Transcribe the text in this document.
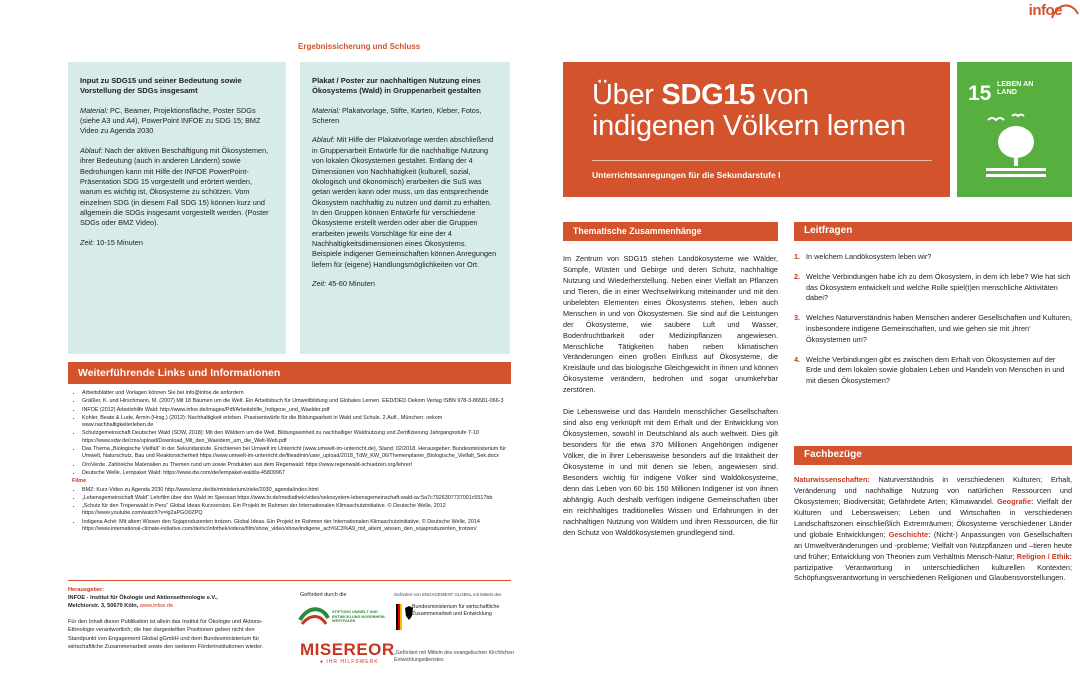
infoe
Ergebnissicherung und Schluss
Input zu SDG15 und seiner Bedeutung sowie Vorstellung der SDGs insgesamt

Material: PC, Beamer, Projektionsfläche, Poster SDGs (siehe A3 und A4), PowerPoint INFOE zu SDG 15; BMZ Video zu Agenda 2030

Ablauf: Nach der aktiven Beschäftigung mit Ökosystemen, ihrer Bedeutung (auch in anderen Ländern) sowie Bedrohungen kann mit Hilfe der INFOE PowerPoint-Präsentation SDG 15 vorgestellt und erörtert werden, warum es wichtig ist, Ökosysteme zu schützen. Vom einzelnen SDG (in diesem Fall SDG 15) können kurz und allgemein die SDGs insgesamt vorgestellt werden. (Poster SDGs oder BMZ Video).

Zeit: 10-15 Minuten

Plakat / Poster zur nachhaltigen Nutzung eines Ökosystems (Wald) in Gruppenarbeit gestalten

Material: Plakatvorlage, Stifte, Karten, Kleber, Fotos, Scheren

Ablauf: Mit Hilfe der Plakatvorlage werden abschließend in Gruppenarbeit Entwürfe für die nachhaltige Nutzung von lokalen Ökosystemen gestaltet. Entlang der 4 Dimensionen von Nachhaltigkeit (kulturell, sozial, ökologisch und ökonomisch) erarbeiten die SuS was getan werden kann oder muss, um das entsprechende Ökosystem nachhaltig zu nutzen und damit zu erhalten. In den Gruppen können Entwürfe für verschiedene Ökosysteme erstellt werden oder aber die Gruppen erarbeiten jeweils Vorschläge für eine der 4 Nachhaltigkeitsdimensionen eines Ökosystems. Beispiele indigener Gemeinschaften können Anregungen liefern für (eigene) Handlungsmöglichkeiten vor Ort.

Zeit: 45-60 Minuten

Weiterführende Links und Informationen
• Arbeitsblätter und Vorlagen können Sie bei info@infoe.de anfordern
• Gräßler, K. und Hirschmann, M. (2007) Mit 18 Bäumen um die Welt. Ein Arbeitsbuch für Umweltbildung und Globales Lernen. EED/DED Oekom Verlag ISBN 978-3-86581-066-3
• INFOE (2012) Arbeitshilfe Wald: http://www.infoe.de/images/Pdf/Arbeitshilfe_Indigene_und_Waelder.pdf
• Kohler, Beate & Lude, Armin (Hrsg.) (2012): Nachhaltigkeit erleben. Praxisentwürfe für die Bildungsarbeit in Wald und Schule. 2.Aufl., München: oekom www.nachhaltigkeiterleben.de
• Schutzgemeinschaft Deutscher Wald (SDW, 2018): Mit den Wäldern um die Welt. Bildungseinheit zu nachhaltiger Waldnutzung und Zertifizierung Jahrgangsstufe 7-10 https://www.sdw.de/cms/upload/Download_Mit_den_Waeldern_um_die_Welt-Web.pdf
• Das Thema „Biologische Vielfalt“ in der Sekundarstufe. Erschienen bei Umwelt im Unterricht (www.umwelt-im-unterricht.de), Stand: 02/2018. Herausgeber: Bundesministerium für Umwelt, Naturschutz, Bau und Reaktorsicherheit https://www.umwelt-im-unterricht.de/fileadmin/user_upload/2018_TdW_KW_06/Themenplaner_Biologische_Vielfalt_Sek.docx
• OroVerde. Zahlreiche Materialien zu Themen rund um sowie Produkten aus dem Regenwald: https://www.regenwald-schuetzen.org/lehrer/
• Deutsche Welle, Lernpaket Wald: https://www.dw.com/de/lernpaket-wald/a-45809967
Filme
• BMZ: Kurz-Video zu Agenda 2030 http://www.bmz.de/de/ministerium/ziele/2030_agenda/index.html
• „Lebensgemeinschaft Wald“ Lehrfilm über den Wald im Spessart https://www.br.de/mediathek/video/oekosystem-lebensgemeinschaft-wald-av:5a7c7926307737001c5517bb
• „Schutz für den Tropenwald in Peru“ Global Ideas Kurzversion. Ein Projekt im Rahmen der Internationalen Klimaschutzinitiative. © Deutsche Welle, 2012 https://www.youtube.com/watch?v=lg2aPGO0ZPQ
• Indigena Aché: Mit altem Wissen den Sojaproduzenten trotzen. Global Ideas. Ein Projekt im Rahmen der Internationalen Klimaschutzinitiative. © Deutsche Welle, 2014 https://www.international-climate-initiative.com/de/nc/infothek/videos/film/show_video/show/indigene_ach%C3%A9_mit_altem_wissen_den_sojaproduzenten_trotzen/
Herausgeber:
INFOE - Institut für Ökologie und Aktionsethnologie e.V.,
Melchiorstr. 3, 50670 Köln, www.infoe.de
Für den Inhalt dieser Publikation ist allein das Institut für Ökologie und Aktions-Ethnologie verantwortlich; die hier dargestellten Positionen geben nicht den Standpunkt von Engagement Global gGmbH und dem Bundesministerium für wirtschaftliche Zusammenarbeit sowie den weiteren Förderinstitutionen wieder.
Gefördert durch die
STIFTUNG UMWELT UND ENTWICKLUNG NORDRHEIN-WESTFALEN
MISEREOR
● IHR HILFSWERK
Gefördert von ENGAGEMENT GLOBAL mit Mitteln des
Bundesministerium für wirtschaftliche Zusammenarbeit und Entwicklung
„Gefördert mit Mitteln des evangelischen Kirchlichen Entwicklungsdienstes
Über SDG15 von
indigenen Völkern lernen
Unterrichtsanregungen für die Sekundarstufe I
15 LEBEN AN LAND
Thematische Zusammenhänge

Im Zentrum von SDG15 stehen Landökosysteme wie Wälder, Sümpfe, Wüsten und Gebirge und deren Schutz, nachhaltige Nutzung und Wiederherstellung. Neben einer Vielfalt an Pflanzen und Tieren, die in einer Wechselwirkung miteinander und mit den unbelebten Elementen eines Ökosystems stehen, leben auch Menschen in und von Ökosystemen. Sie sind auf die Leistungen der Ökosysteme, wie saubere Luft und Wasser, Bodenfruchtbarkeit oder Medizinpflanzen angewiesen. Menschliche Tätigkeiten haben neben klimatischen Veränderungen einen großen Einfluss auf Ökosysteme, die Kreisläufe und das biologische Gleichgewicht in ihnen und können Ökosysteme verändern, bedrohen und sogar unumkehrbar zerstören.

Die Lebensweise und das Handeln menschlicher Gesellschaften sind also eng verknüpft mit dem Erhalt und der Entwicklung von Ökosystemen, sowohl in Deutschland als auch weltweit. Dies gilt besonders für die etwa 370 Millionen Angehörigen indigener Völker, die in ihrer Lebensweise besonders auf die Intaktheit der Ökosysteme in und mit denen sie leben, angewiesen sind. Besonders wichtig für indigene Völker sind Waldökosysteme, denn das Leben von 60 bis 150 Millionen Indigener ist von ihnen abhängig. Auch deshalb verfügen indigene Gemeinschaften über ein reichhaltiges traditionelles Wissen und Erfahrungen in der nachhaltigen Nutzung von Wäldern und ihren Ressourcen, die für den Schutz von Waldökosystemen grundlegend sind.

Leitfragen
1. In welchem Landökosystem leben wir?
2. Welche Verbindungen habe ich zu dem Ökosystem, in dem ich lebe? Wie hat sich das Ökosystem entwickelt und welche Rolle spiel(t)en menschliche Aktivitäten dabei?
3. Welches Naturverständnis haben Menschen anderer Gesellschaften und Kulturen, insbesondere indigene Gemeinschaften, und wie gehen sie mit ‚ihren‘ Ökosystemen um?
4. Welche Verbindungen gibt es zwischen dem Erhalt von Ökosystemen auf der Erde und dem lokalen sowie globalen Leben und Handeln von Menschen in und mit diesen Ökosystemen?
Fachbezüge
Naturwissenschaften: Naturverständnis in verschiedenen Kulturen; Erhalt, Veränderung und nachhaltige Nutzung von natürlichen Ressourcen und Ökosystemen; Biodiversität; Gefährdete Arten; Klimawandel. Geografie: Vielfalt der Kulturen und Lebensweisen; Leben und Wirtschaften in verschiedenen Landschaftszonen einschließlich Extremräumen; Ökosysteme verschiedener Länder und globale Entwicklungen; Geschichte: (Nicht-) Anpassungen von Gesellschaften an Umweltveränderungen und -probleme; Vielfalt von Nutzpflanzen und –tieren heute und früher; Entwicklung von Theorien zum Verhältnis Mensch-Natur; Religion / Ethik: partizipative Verantwortung in unterschiedlichen kulturellen Kontexten; Schöpfungsverantwortung in verschiedenen Religionen und Glaubensvorstellungen.
